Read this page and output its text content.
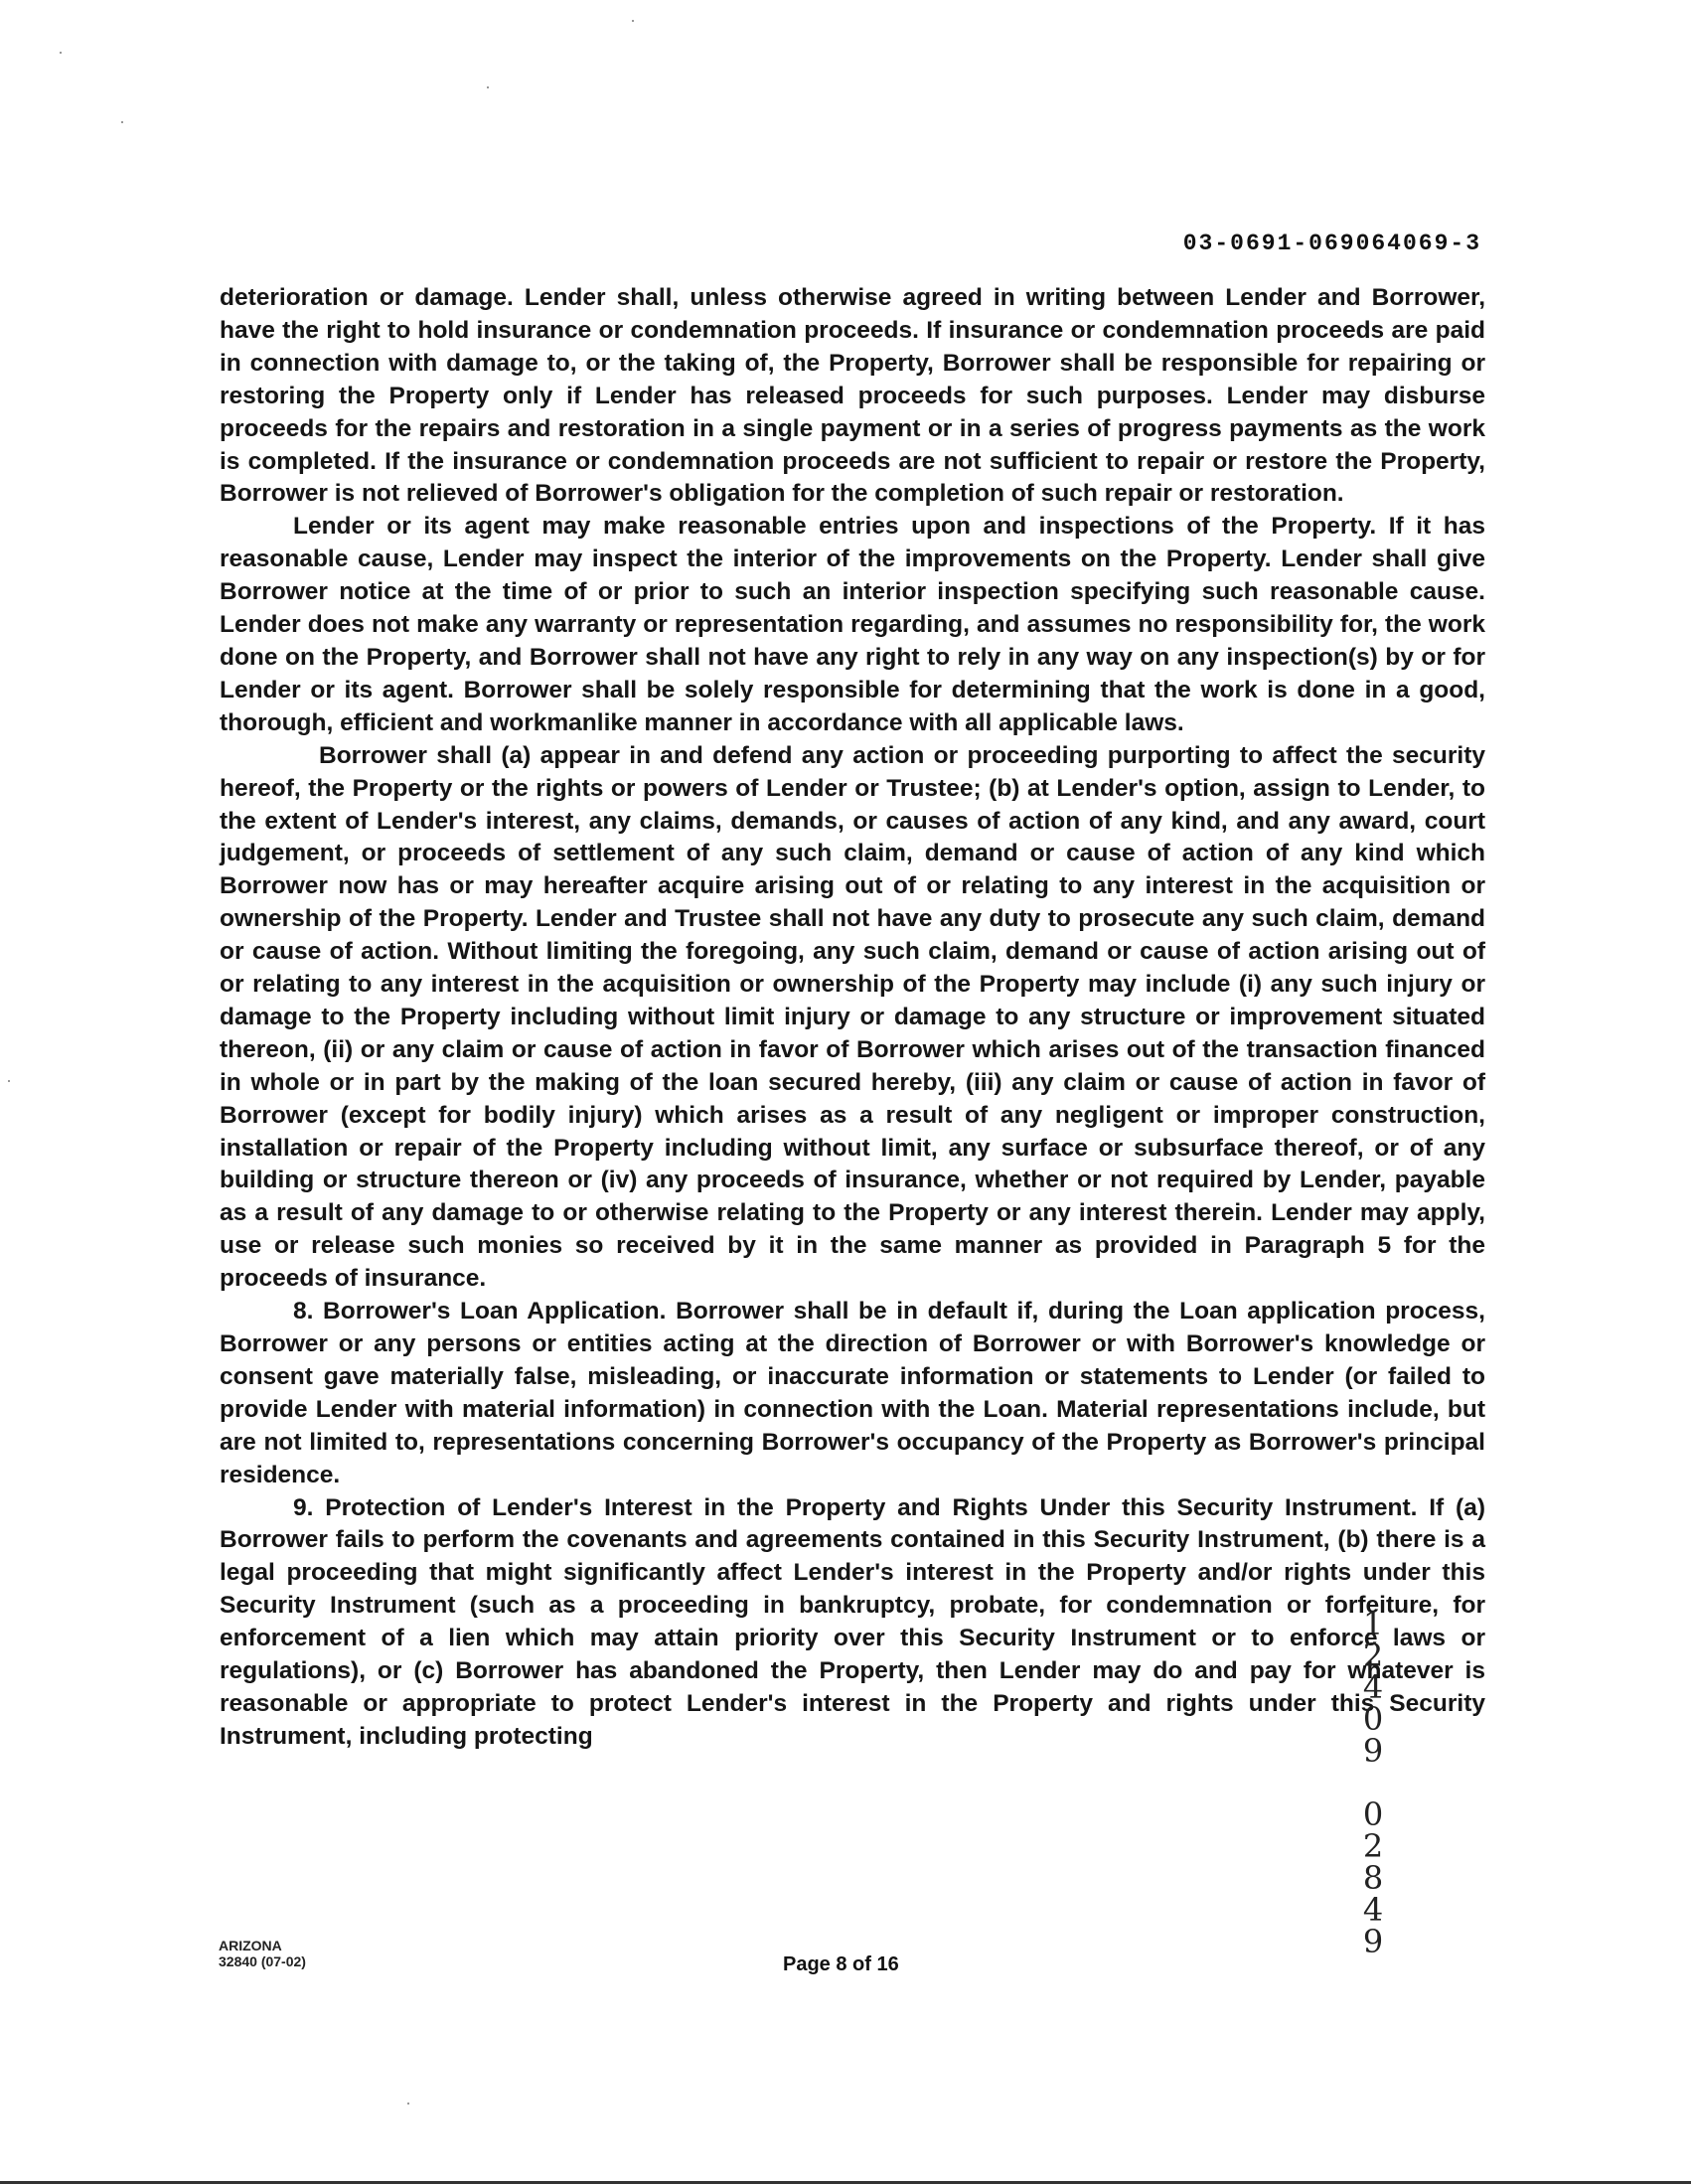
03-0691-069064069-3

deterioration or damage. Lender shall, unless otherwise agreed in writing between Lender and Borrower, have the right to hold insurance or condemnation proceeds. If insurance or condemnation proceeds are paid in connection with damage to, or the taking of, the Property, Borrower shall be responsible for repairing or restoring the Property only if Lender has released proceeds for such purposes. Lender may disburse proceeds for the repairs and restoration in a single payment or in a series of progress payments as the work is completed. If the insurance or condemnation proceeds are not sufficient to repair or restore the Property, Borrower is not relieved of Borrower's obligation for the completion of such repair or restoration.

Lender or its agent may make reasonable entries upon and inspections of the Property. If it has reasonable cause, Lender may inspect the interior of the improvements on the Property. Lender shall give Borrower notice at the time of or prior to such an interior inspection specifying such reasonable cause. Lender does not make any warranty or representation regarding, and assumes no responsibility for, the work done on the Property, and Borrower shall not have any right to rely in any way on any inspection(s) by or for Lender or its agent. Borrower shall be solely responsible for determining that the work is done in a good, thorough, efficient and workmanlike manner in accordance with all applicable laws.

Borrower shall (a) appear in and defend any action or proceeding purporting to affect the security hereof, the Property or the rights or powers of Lender or Trustee; (b) at Lender's option, assign to Lender, to the extent of Lender's interest, any claims, demands, or causes of action of any kind, and any award, court judgement, or proceeds of settlement of any such claim, demand or cause of action of any kind which Borrower now has or may hereafter acquire arising out of or relating to any interest in the acquisition or ownership of the Property. Lender and Trustee shall not have any duty to prosecute any such claim, demand or cause of action. Without limiting the foregoing, any such claim, demand or cause of action arising out of or relating to any interest in the acquisition or ownership of the Property may include (i) any such injury or damage to the Property including without limit injury or damage to any structure or improvement situated thereon, (ii) or any claim or cause of action in favor of Borrower which arises out of the transaction financed in whole or in part by the making of the loan secured hereby, (iii) any claim or cause of action in favor of Borrower (except for bodily injury) which arises as a result of any negligent or improper construction, installation or repair of the Property including without limit, any surface or subsurface thereof, or of any building or structure thereon or (iv) any proceeds of insurance, whether or not required by Lender, payable as a result of any damage to or otherwise relating to the Property or any interest therein. Lender may apply, use or release such monies so received by it in the same manner as provided in Paragraph 5 for the proceeds of insurance.

8. Borrower's Loan Application. Borrower shall be in default if, during the Loan application process, Borrower or any persons or entities acting at the direction of Borrower or with Borrower's knowledge or consent gave materially false, misleading, or inaccurate information or statements to Lender (or failed to provide Lender with material information) in connection with the Loan. Material representations include, but are not limited to, representations concerning Borrower's occupancy of the Property as Borrower's principal residence.

9. Protection of Lender's Interest in the Property and Rights Under this Security Instrument. If (a) Borrower fails to perform the covenants and agreements contained in this Security Instrument, (b) there is a legal proceeding that might significantly affect Lender's interest in the Property and/or rights under this Security Instrument (such as a proceeding in bankruptcy, probate, for condemnation or forfeiture, for enforcement of a lien which may attain priority over this Security Instrument or to enforce laws or regulations), or (c) Borrower has abandoned the Property, then Lender may do and pay for whatever is reasonable or appropriate to protect Lender's interest in the Property and rights under this Security Instrument, including protecting	12409 02849
ARIZONA
32840 (07-02)	Page 8 of 16
